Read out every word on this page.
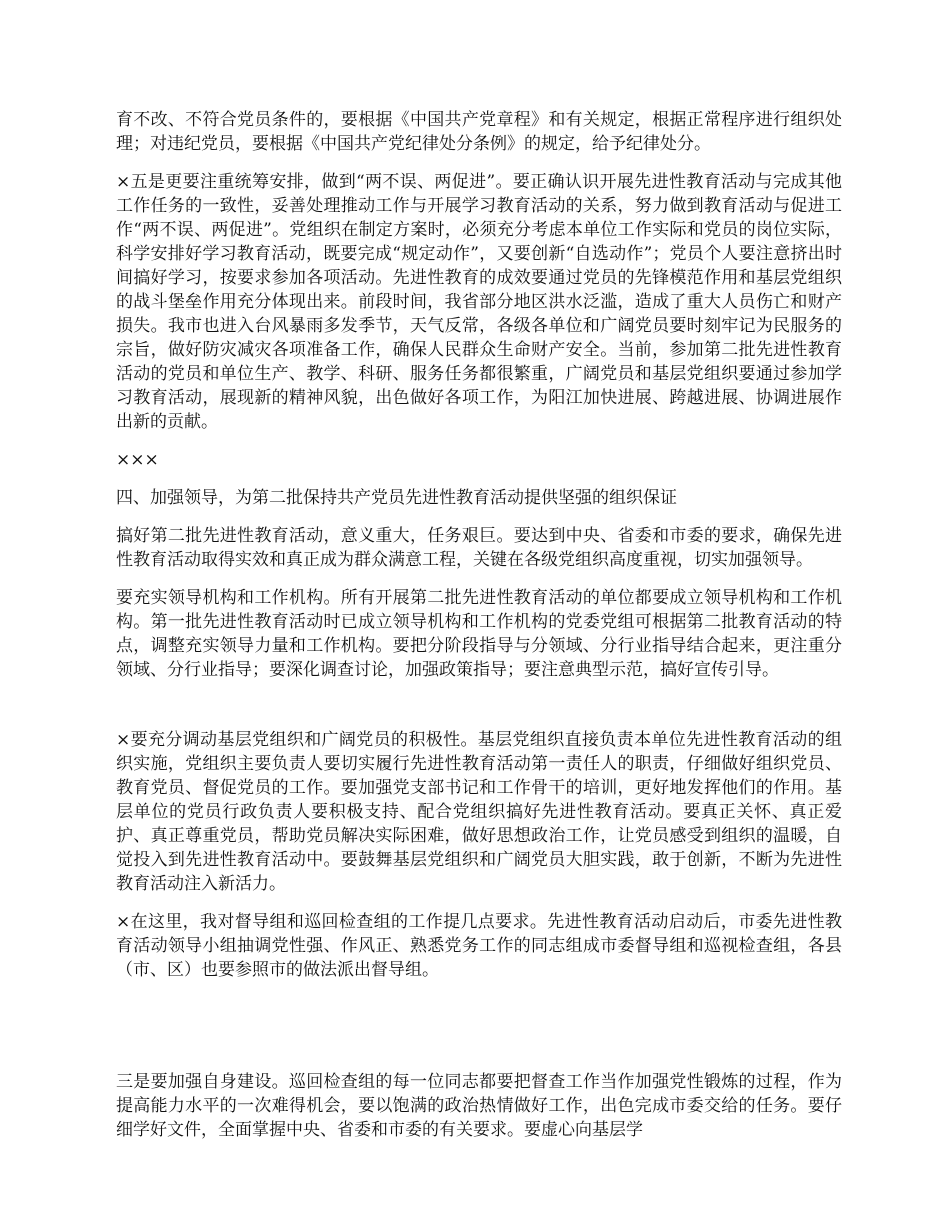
育不改、不符合党员条件的，要根据《中国共产党章程》和有关规定，根据正常程序进行组织处理；对违纪党员，要根据《中国共产党纪律处分条例》的规定，给予纪律处分。

×五是更要注重统筹安排，做到“两不误、两促进”。要正确认识开展先进性教育活动与完成其他工作任务的一致性，妥善处理推动工作与开展学习教育活动的关系，努力做到教育活动与促进工作“两不误、两促进”。党组织在制定方案时，必须充分考虑本单位工作实际和党员的岗位实际，科学安排好学习教育活动，既要完成“规定动作”，又要创新“自选动作”；党员个人要注意挤出时间搞好学习，按要求参加各项活动。先进性教育的成效要通过党员的先锋模范作用和基层党组织的战斗堡垒作用充分体现出来。前段时间，我省部分地区洪水泛滥，造成了重大人员伤亡和财产损失。我市也进入台风暴雨多发季节，天气反常，各级各单位和广阔党员要时刻牢记为民服务的宗旨，做好防灾减灾各项准备工作，确保人民群众生命财产安全。当前，参加第二批先进性教育活动的党员和单位生产、教学、科研、服务任务都很繁重，广阔党员和基层党组织要通过参加学习教育活动，展现新的精神风貌，出色做好各项工作，为阳江加快进展、跨越进展、协调进展作出新的贡献。

×××

四、加强领导，为第二批保持共产党员先进性教育活动提供坚强的组织保证

搞好第二批先进性教育活动，意义重大，任务艰巨。要达到中央、省委和市委的要求，确保先进性教育活动取得实效和真正成为群众满意工程，关键在各级党组织高度重视，切实加强领导。

要充实领导机构和工作机构。所有开展第二批先进性教育活动的单位都要成立领导机构和工作机构。第一批先进性教育活动时已成立领导机构和工作机构的党委党组可根据第二批教育活动的特点，调整充实领导力量和工作机构。要把分阶段指导与分领域、分行业指导结合起来，更注重分领域、分行业指导；要深化调查讨论，加强政策指导；要注意典型示范，搞好宣传引导。

×要充分调动基层党组织和广阔党员的积极性。基层党组织直接负责本单位先进性教育活动的组织实施，党组织主要负责人要切实履行先进性教育活动第一责任人的职责，仔细做好组织党员、教育党员、督促党员的工作。要加强党支部书记和工作骨干的培训，更好地发挥他们的作用。基层单位的党员行政负责人要积极支持、配合党组织搞好先进性教育活动。要真正关怀、真正爱护、真正尊重党员，帮助党员解决实际困难，做好思想政治工作，让党员感受到组织的温暖，自觉投入到先进性教育活动中。要鼓舞基层党组织和广阔党员大胆实践，敢于创新，不断为先进性教育活动注入新活力。

×在这里，我对督导组和巡回检查组的工作提几点要求。先进性教育活动启动后，市委先进性教育活动领导小组抽调党性强、作风正、熟悉党务工作的同志组成市委督导组和巡视检查组，各县（市、区）也要参照市的做法派出督导组。

三是要加强自身建设。巡回检查组的每一位同志都要把督查工作当作加强党性锻炼的过程，作为提高能力水平的一次难得机会，要以饱满的政治热情做好工作，出色完成市委交给的任务。要仔细学好文件，全面掌握中央、省委和市委的有关要求。要虚心向基层学
